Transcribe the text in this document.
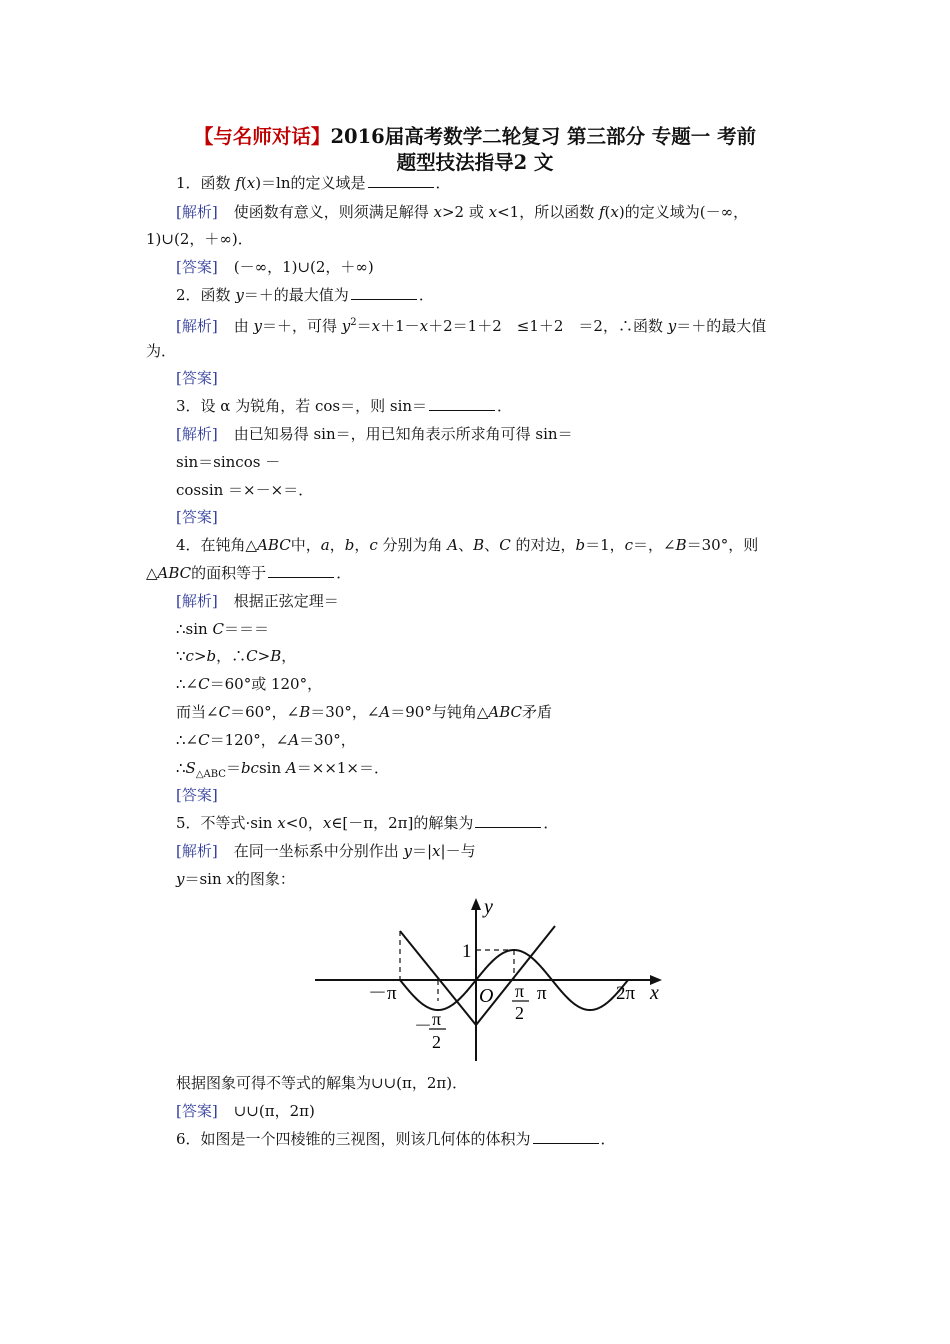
【与名师对话】2016届高考数学二轮复习 第三部分 专题一 考前
题型技法指导2 文
1．函数 f(x)＝ln的定义域是	．
[解析] 使函数有意义，则须满足解得 x>2 或 x<1，所以函数 f(x)的定义域为(－∞，
1)∪(2，＋∞)．
[答案] (－∞，1)∪(2，＋∞)
2．函数 y＝＋的最大值为	．
[解析] 由 y＝＋，可得 $y^2=x+1-x+2=1+2$　≤1＋2　＝2，∴函数 y＝＋的最大值
为．
[答案]
3．设 α 为锐角，若 cos＝，则 sin＝	．
[解析] 由已知易得 sin＝，用已知角表示所求角可得 sin＝
sin＝sincos －
cossin ＝×－×＝．
[答案]
4．在钝角△ABC中，a，b，c 分别为角 A、B、C 的对边，b＝1，c＝，∠B＝30°，则
△ABC的面积等于	．
[解析] 根据正弦定理＝
∴sin C＝＝＝
∵c>b，∴C>B，
∴∠C＝60°或 120°，
而当∠C＝60°，∠B＝30°，∠A＝90°与钝角△ABC矛盾
∴∠C＝120°，∠A＝30°，
$\therefore S_{\triangle ABC}=bcsin$ A＝××1×＝．
[答案]
5．不等式·sin x<0，x∈[－π，2π]的解集为	．
[解析] 在同一坐标系中分别作出 y＝|x|－与
y＝sin x的图象：
y
x
O
1
－π	π	2π
π
2
－ π
2
根据图象可得不等式的解集为∪∪(π，2π)．
[答案] ∪∪(π，2π)
6．如图是一个四棱锥的三视图，则该几何体的体积为	．
